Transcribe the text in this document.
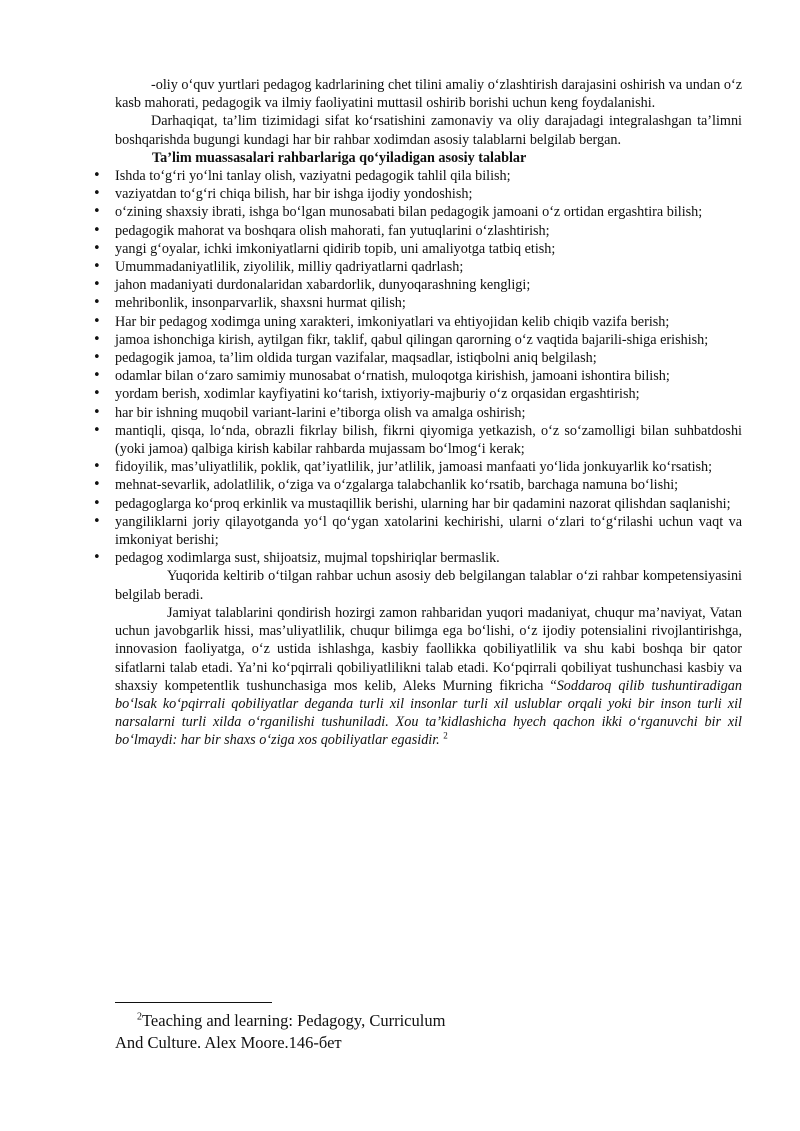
-oliy o‘quv yurtlari pedagog kadrlarining chet tilini amaliy o‘zlashtirish darajasini oshirish va undan o‘z kasb mahorati, pedagogik va ilmiy faoliyatini muttasil oshirib borishi uchun keng foydalanishi.

Darhaqiqat, ta’lim tizimidagi sifat ko‘rsatishini zamonaviy va oliy darajadagi integralashgan ta’limni boshqarishda bugungi kundagi har bir rahbar xodimdan asosiy talablarni belgilab bergan.

Ta’lim muassasalari rahbarlariga qo‘yiladigan asosiy talablar

• Ishda to‘g‘ri yo‘lni tanlay olish, vaziyatni pedagogik tahlil qila bilish;
• vaziyatdan to‘g‘ri chiqa bilish, har bir ishga ijodiy yondoshish;
• o‘zining shaxsiy ibrati, ishga bo‘lgan munosabati bilan pedagogik jamoani o‘z ortidan ergashtira bilish;
• pedagogik mahorat va boshqara olish mahorati, fan yutuqlarini o‘zlashtirish;
• yangi g‘oyalar, ichki imkoniyatlarni qidirib topib, uni amaliyotga tatbiq etish;
• Umummadaniyatlilik, ziyolilik, milliy qadriyatlarni qadrlash;
• jahon madaniyati durdonalaridan xabardorlik, dunyoqarashning kengligi;
• mehribonlik, insonparvarlik, shaxsni hurmat qilish;
• Har bir pedagog xodimga uning xarakteri, imkoniyatlari va ehtiyojidan kelib chiqib vazifa berish;
• jamoa ishonchiga kirish, aytilgan fikr, taklif, qabul qilingan qarorning o‘z vaqtida bajarili-shiga erishish;
• pedagogik jamoa, ta’lim oldida turgan vazifalar, maqsadlar, istiqbolni aniq belgilash;
• odamlar bilan o‘zaro samimiy munosabat o‘rnatish, muloqotga kirishish, jamoani ishontira bilish;
• yordam berish, xodimlar kayfiyatini ko‘tarish, ixtiyoriy-majburiy o‘z orqasidan ergashtirish;
• har bir ishning muqobil variant-larini e’tiborga olish va amalga oshirish;
• mantiqli, qisqa, lo‘nda, obrazli fikrlay bilish, fikrni qiyomiga yetkazish, o‘z so‘zamolligi bilan suhbatdoshi (yoki jamoa) qalbiga kirish kabilar rahbarda mujassam bo‘lmog‘i kerak;
• fidoyilik, mas’uliyatlilik, poklik, qat’iyatlilik, jur’atlilik, jamoasi manfaati yo‘lida jonkuyarlik ko‘rsatish;
• mehnat-sevarlik, adolatlilik, o‘ziga va o‘zgalarga talabchanlik ko‘rsatib, barchaga namuna bo‘lishi;
• pedagoglarga ko‘proq erkinlik va mustaqillik berishi, ularning har bir qadamini nazorat qilishdan saqlanishi;
• yangiliklarni joriy qilayotganda yo‘l qo‘ygan xatolarini kechirishi, ularni o‘zlari to‘g‘rilashi uchun vaqt va imkoniyat berishi;
• pedagog xodimlarga sust, shijoatsiz, mujmal topshiriqlar bermaslik.

Yuqorida keltirib o‘tilgan rahbar uchun asosiy deb belgilangan talablar o‘zi rahbar kompetensiyasini belgilab beradi.

Jamiyat talablarini qondirish hozirgi zamon rahbaridan yuqori madaniyat, chuqur ma’naviyat, Vatan uchun javobgarlik hissi, mas’uliyatlilik, chuqur bilimga ega bo‘lishi, o‘z ijodiy potensialini rivojlantirishga, innovasion faoliyatga, o‘z ustida ishlashga, kasbiy faollikka qobiliyatlilik va shu kabi boshqa bir qator sifatlarni talab etadi. Ya’ni ko‘pqirrali qobiliyatlilikni talab etadi. Ko‘pqirrali qobiliyat tushunchasi kasbiy va shaxsiy kompetentlik tushunchasiga mos kelib, Aleks Murning fikricha “Soddaroq qilib tushuntiradigan bo‘lsak ko‘pqirrali qobiliyatlar deganda turli xil insonlar turli xil uslublar orqali yoki bir inson turli xil narsalarni turli xilda o‘rganilishi tushuniladi. Xou ta’kidlashicha hyech qachon ikki o‘rganuvchi bir xil bo‘lmaydi: har bir shaxs o‘ziga xos qobiliyatlar egasidir. $^2$

$^2$Teaching and learning: Pedagogy, Curriculum
And Culture. Alex Moore.146-бет
